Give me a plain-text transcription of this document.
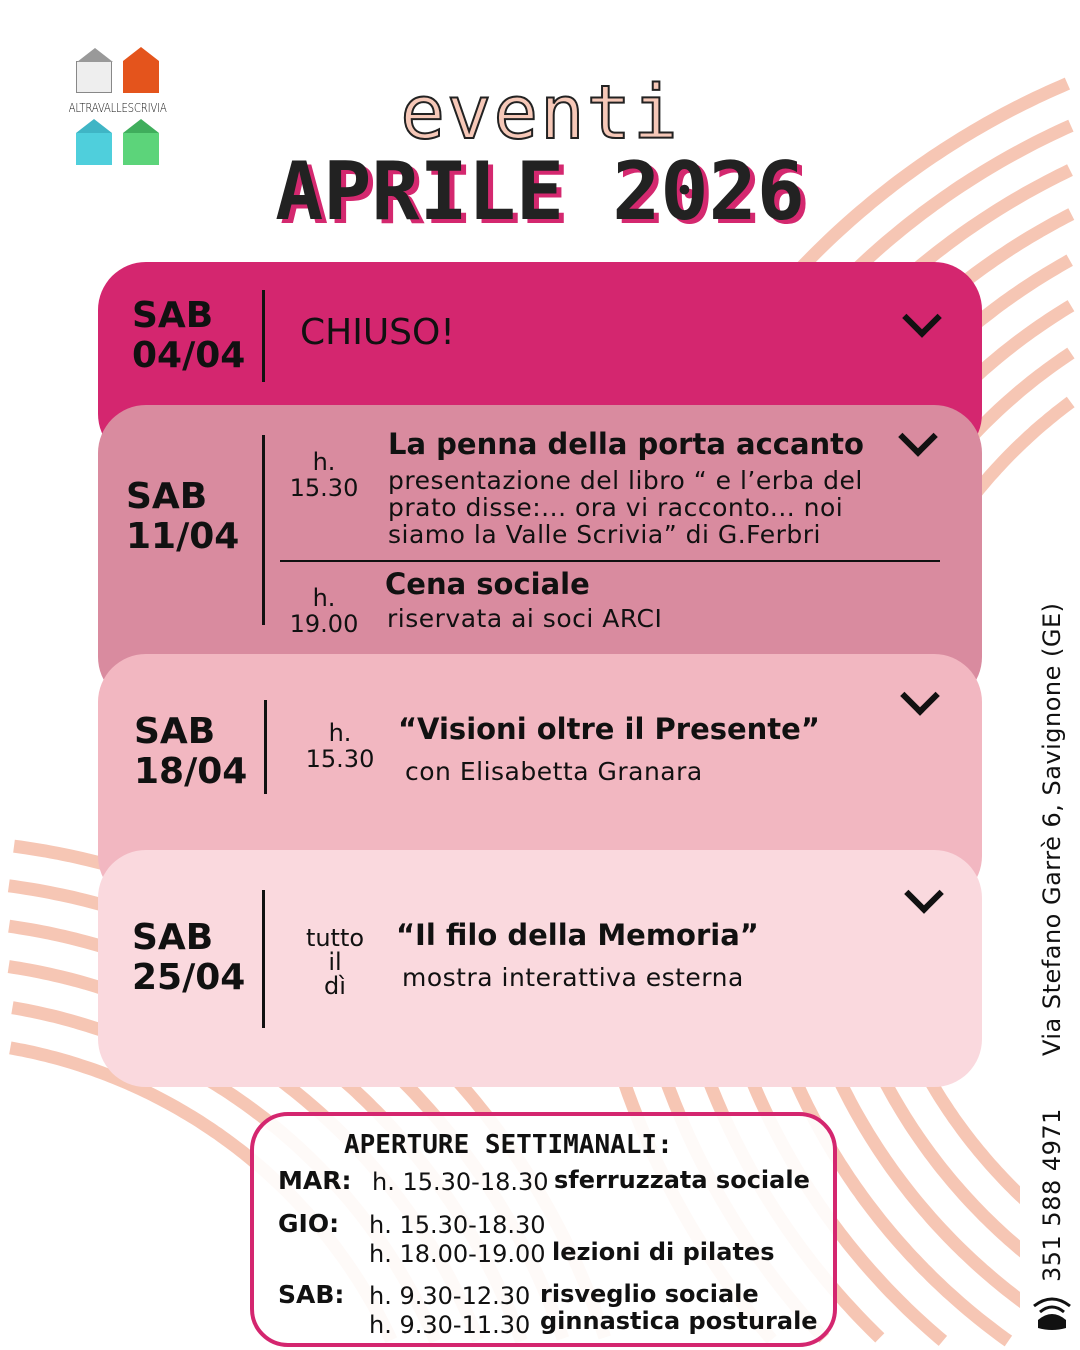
ALTRAVALLESCRIVIA	eventi
APRILE 2026
SAB
04/04
CHIUSO!
SAB
11/04
h.
15.30
La penna della porta accanto
presentazione del libro “ e l’erba del
prato disse:... ora vi racconto... noi
siamo la Valle Scrivia” di G.Ferbri
h.
19.00
Cena sociale
riservata ai soci ARCI
SAB
18/04
h.
15.30
“Visioni oltre il Presente”
con Elisabetta Granara
SAB
25/04
tutto
il
dì
“Il filo della Memoria”
mostra interattiva esterna
APERTURE SETTIMANALI:
MAR: h. 15.30-18.30 sferruzzata sociale
GIO: h. 15.30-18.30
h. 18.00-19.00 lezioni di pilates
SAB: h. 9.30-12.30 risveglio sociale
h. 9.30-11.30 ginnastica posturale
Via Stefano Garrè 6, Savignone (GE)
351 588 4971
